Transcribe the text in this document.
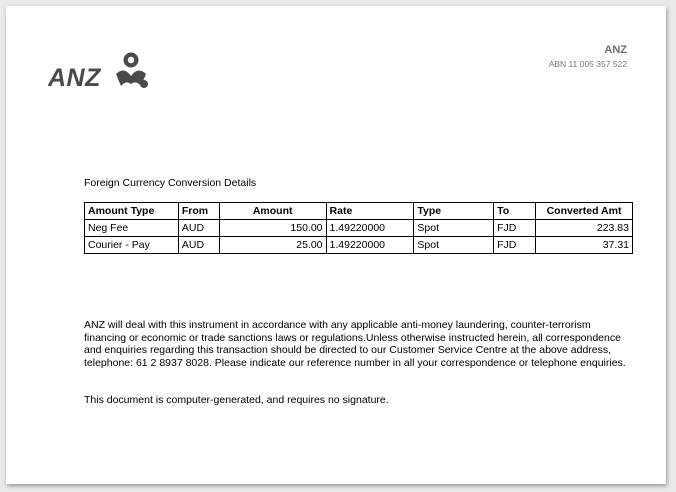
ANZ
ANZ
ABN 11 005 357 522
Foreign Currency Conversion Details
Amount Type	From	Amount	Rate	Type	To	Converted Amt
Neg Fee	AUD	150.00	1.49220000	Spot	FJD	223.83
Courier - Pay	AUD	25.00	1.49220000	Spot	FJD	37.31

ANZ will deal with this instrument in accordance with any applicable anti-money laundering, counter-terrorism financing or economic or trade sanctions laws or regulations.Unless otherwise instructed herein, all correspondence and enquiries regarding this transaction should be directed to our Customer Service Centre at the above address, telephone: 61 2 8937 8028. Please indicate our reference number in all your correspondence or telephone enquiries.

This document is computer-generated, and requires no signature.
